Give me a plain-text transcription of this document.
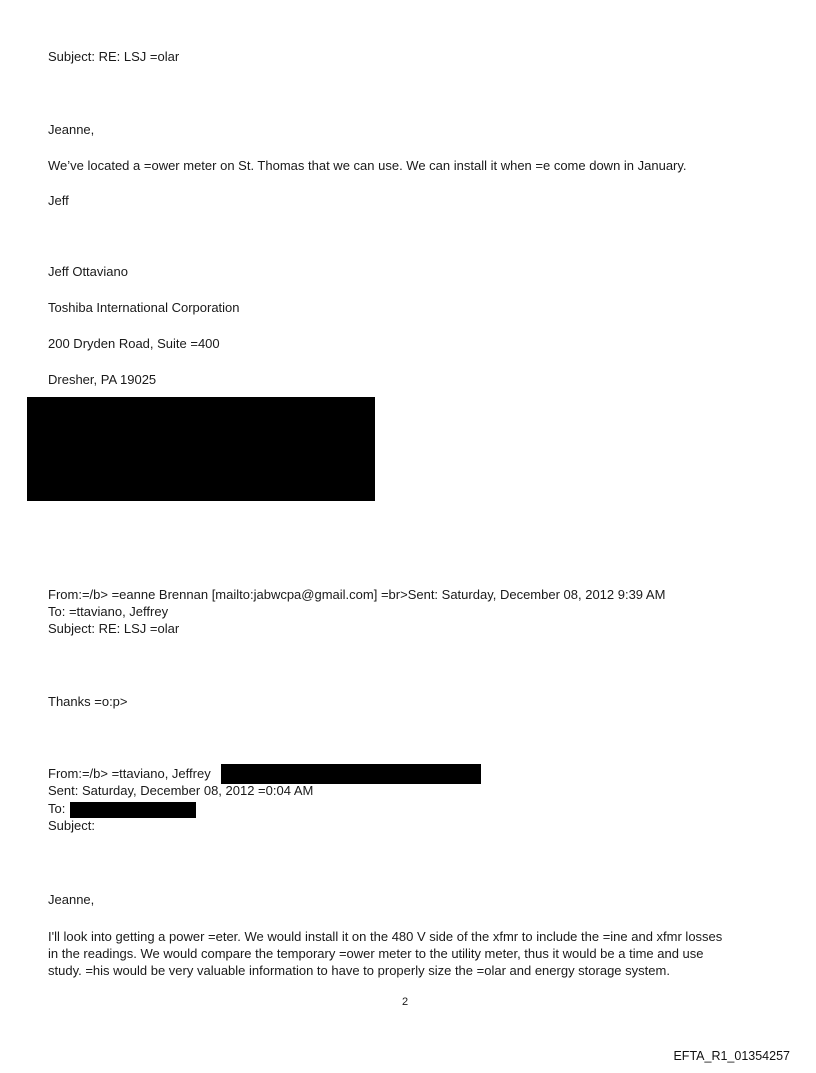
Subject: RE: LSJ =olar
Jeanne,
We’ve located a =ower meter on St. Thomas that we can use. We can install it when =e come down in January.
Jeff
Jeff Ottaviano
Toshiba International Corporation
200 Dryden Road, Suite =400
Dresher, PA 19025
From:=/b> =eanne Brennan [mailto:jabwcpa@gmail.com] =br>Sent: Saturday, December 08, 2012 9:39 AM
To: =ttaviano, Jeffrey
Subject: RE: LSJ =olar
Thanks =o:p>
From:=/b> =ttaviano, Jeffrey
Sent: Saturday, December 08, 2012 =0:04 AM
To:
Subject:
Jeanne,
I'll look into getting a power =eter. We would install it on the 480 V side of the xfmr to include the =ine and xfmr losses
in the readings. We would compare the temporary =ower meter to the utility meter, thus it would be a time and use
study. =his would be very valuable information to have to properly size the =olar and energy storage system.
2
EFTA_R1_01354257
